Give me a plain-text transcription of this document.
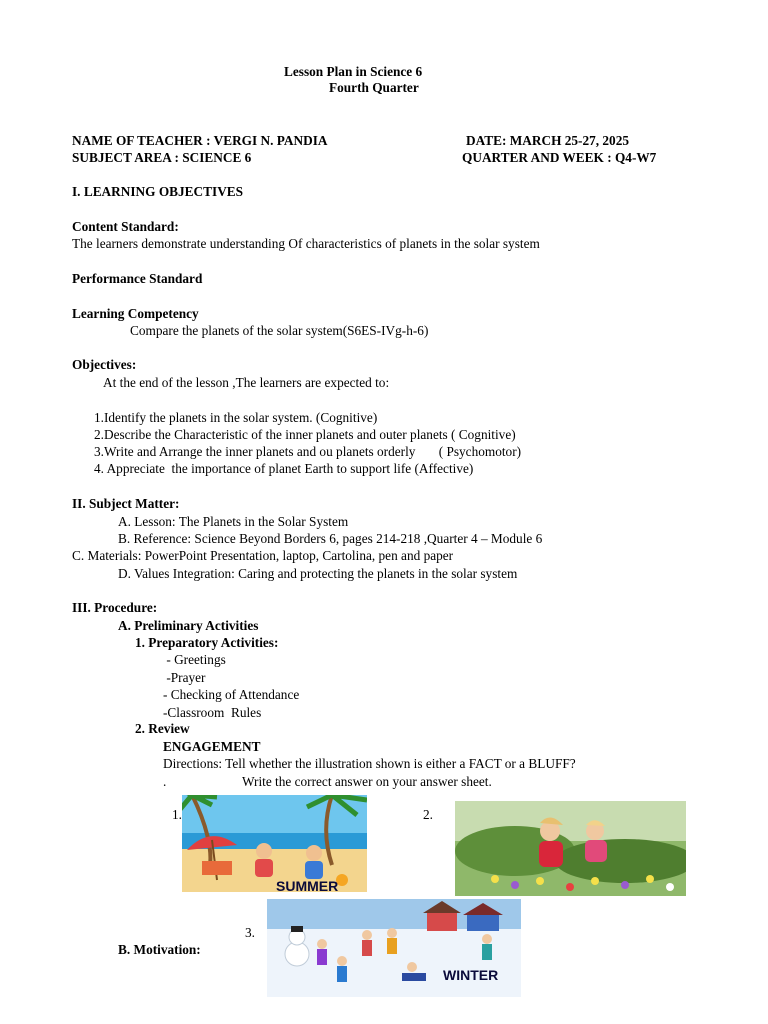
Lesson Plan in Science 6
Fourth Quarter
NAME OF TEACHER : VERGI N. PANDIA	DATE: MARCH 25-27, 2025
SUBJECT AREA : SCIENCE 6	QUARTER AND WEEK : Q4-W7
I. LEARNING OBJECTIVES
Content Standard:
The learners demonstrate understanding Of characteristics of planets in the solar system
Performance Standard
Learning Competency
Compare the planets of the solar system(S6ES-IVg-h-6)
Objectives:
At the end of the lesson ,The learners are expected to:
1.Identify the planets in the solar system. (Cognitive)
2.Describe the Characteristic of the inner planets and outer planets ( Cognitive)
3.Write and Arrange the inner planets and ou planets orderly       ( Psychomotor)
4. Appreciate  the importance of planet Earth to support life (Affective)
II. Subject Matter:
A. Lesson: The Planets in the Solar System
B. Reference: Science Beyond Borders 6, pages 214-218 ,Quarter 4 – Module 6
C. Materials: PowerPoint Presentation, laptop, Cartolina, pen and paper
D. Values Integration: Caring and protecting the planets in the solar system
III. Procedure:
A. Preliminary Activities
1. Preparatory Activities:
- Greetings
-Prayer
- Checking of Attendance
-Classroom  Rules
2. Review
ENGAGEMENT
Directions: Tell whether the illustration shown is either a FACT or a BLUFF?
.	Write the correct answer on your answer sheet.
1.
SUMMER
2.
3.
WINTER
B. Motivation:
